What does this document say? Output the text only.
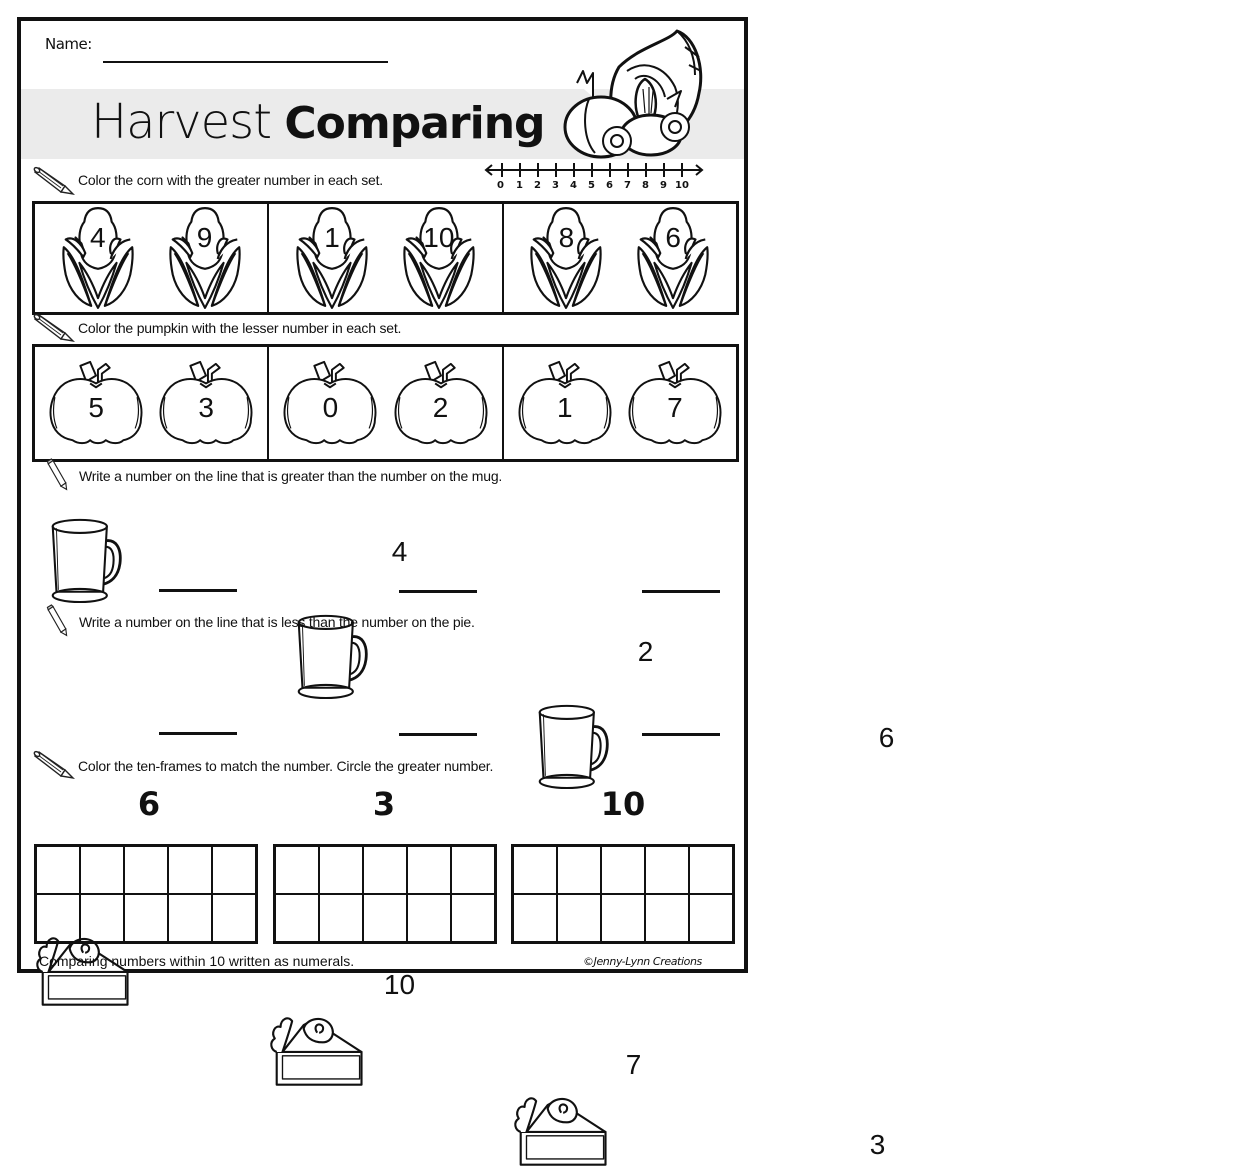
Name:
Harvest Comparing
Color the corn with the greater number in each set.	0 1 2 3 4 5 6 7 8 9 10
4	9	1	10	8	6
Color the pumpkin with the lesser number in each set.
5	3	0	2	1	7
Write a number on the line that is greater than the number on the mug.
4
2
6
Write a number on the line that is less than the number on the pie.
10
7
3
Color the ten-frames to match the number. Circle the greater number.
6	3	10
Comparing numbers within 10 written as numerals.	©Jenny-Lynn Creations
